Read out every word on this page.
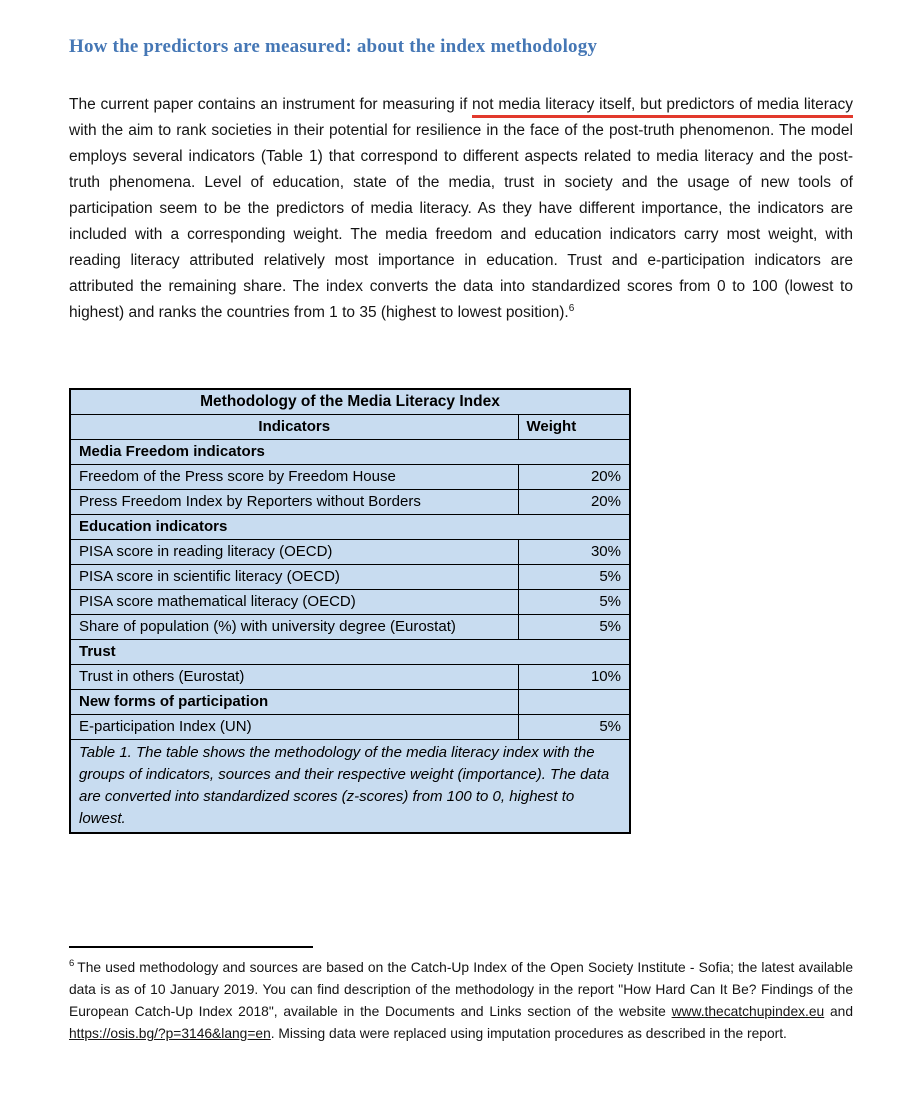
How the predictors are measured: about the index methodology

The current paper contains an instrument for measuring if not media literacy itself, but predictors of media literacy with the aim to rank societies in their potential for resilience in the face of the post-truth phenomenon. The model employs several indicators (Table 1) that correspond to different aspects related to media literacy and the post-truth phenomena. Level of education, state of the media, trust in society and the usage of new tools of participation seem to be the predictors of media literacy. As they have different importance, the indicators are included with a corresponding weight. The media freedom and education indicators carry most weight, with reading literacy attributed relatively most importance in education. Trust and e-participation indicators are attributed the remaining share. The index converts the data into standardized scores from 0 to 100 (lowest to highest) and ranks the countries from 1 to 35 (highest to lowest position).$^6$

Methodology of the Media Literacy Index	
Indicators	Weight
Media Freedom indicators	
Freedom of the Press score by Freedom House	20%
Press Freedom Index by Reporters without Borders	20%
Education indicators	
PISA score in reading literacy (OECD)	30%
PISA score in scientific literacy (OECD)	5%
PISA score mathematical literacy (OECD)	5%
Share of population (%) with university degree (Eurostat)	5%
Trust	
Trust in others (Eurostat)	10%
New forms of participation	
E-participation Index (UN)	5%
Table 1. The table shows the methodology of the media literacy index with the groups of indicators, sources and their respective weight (importance). The data are converted into standardized scores (z-scores) from 100 to 0, highest to lowest.	
$^6$ The used methodology and sources are based on the Catch-Up Index of the Open Society Institute - Sofia; the latest available data is as of 10 January 2019. You can find description of the methodology in the report "How Hard Can It Be? Findings of the European Catch-Up Index 2018", available in the Documents and Links section of the website www.thecatchupindex.eu and https://osis.bg/?p=3146&lang=en. Missing data were replaced using imputation procedures as described in the report.
